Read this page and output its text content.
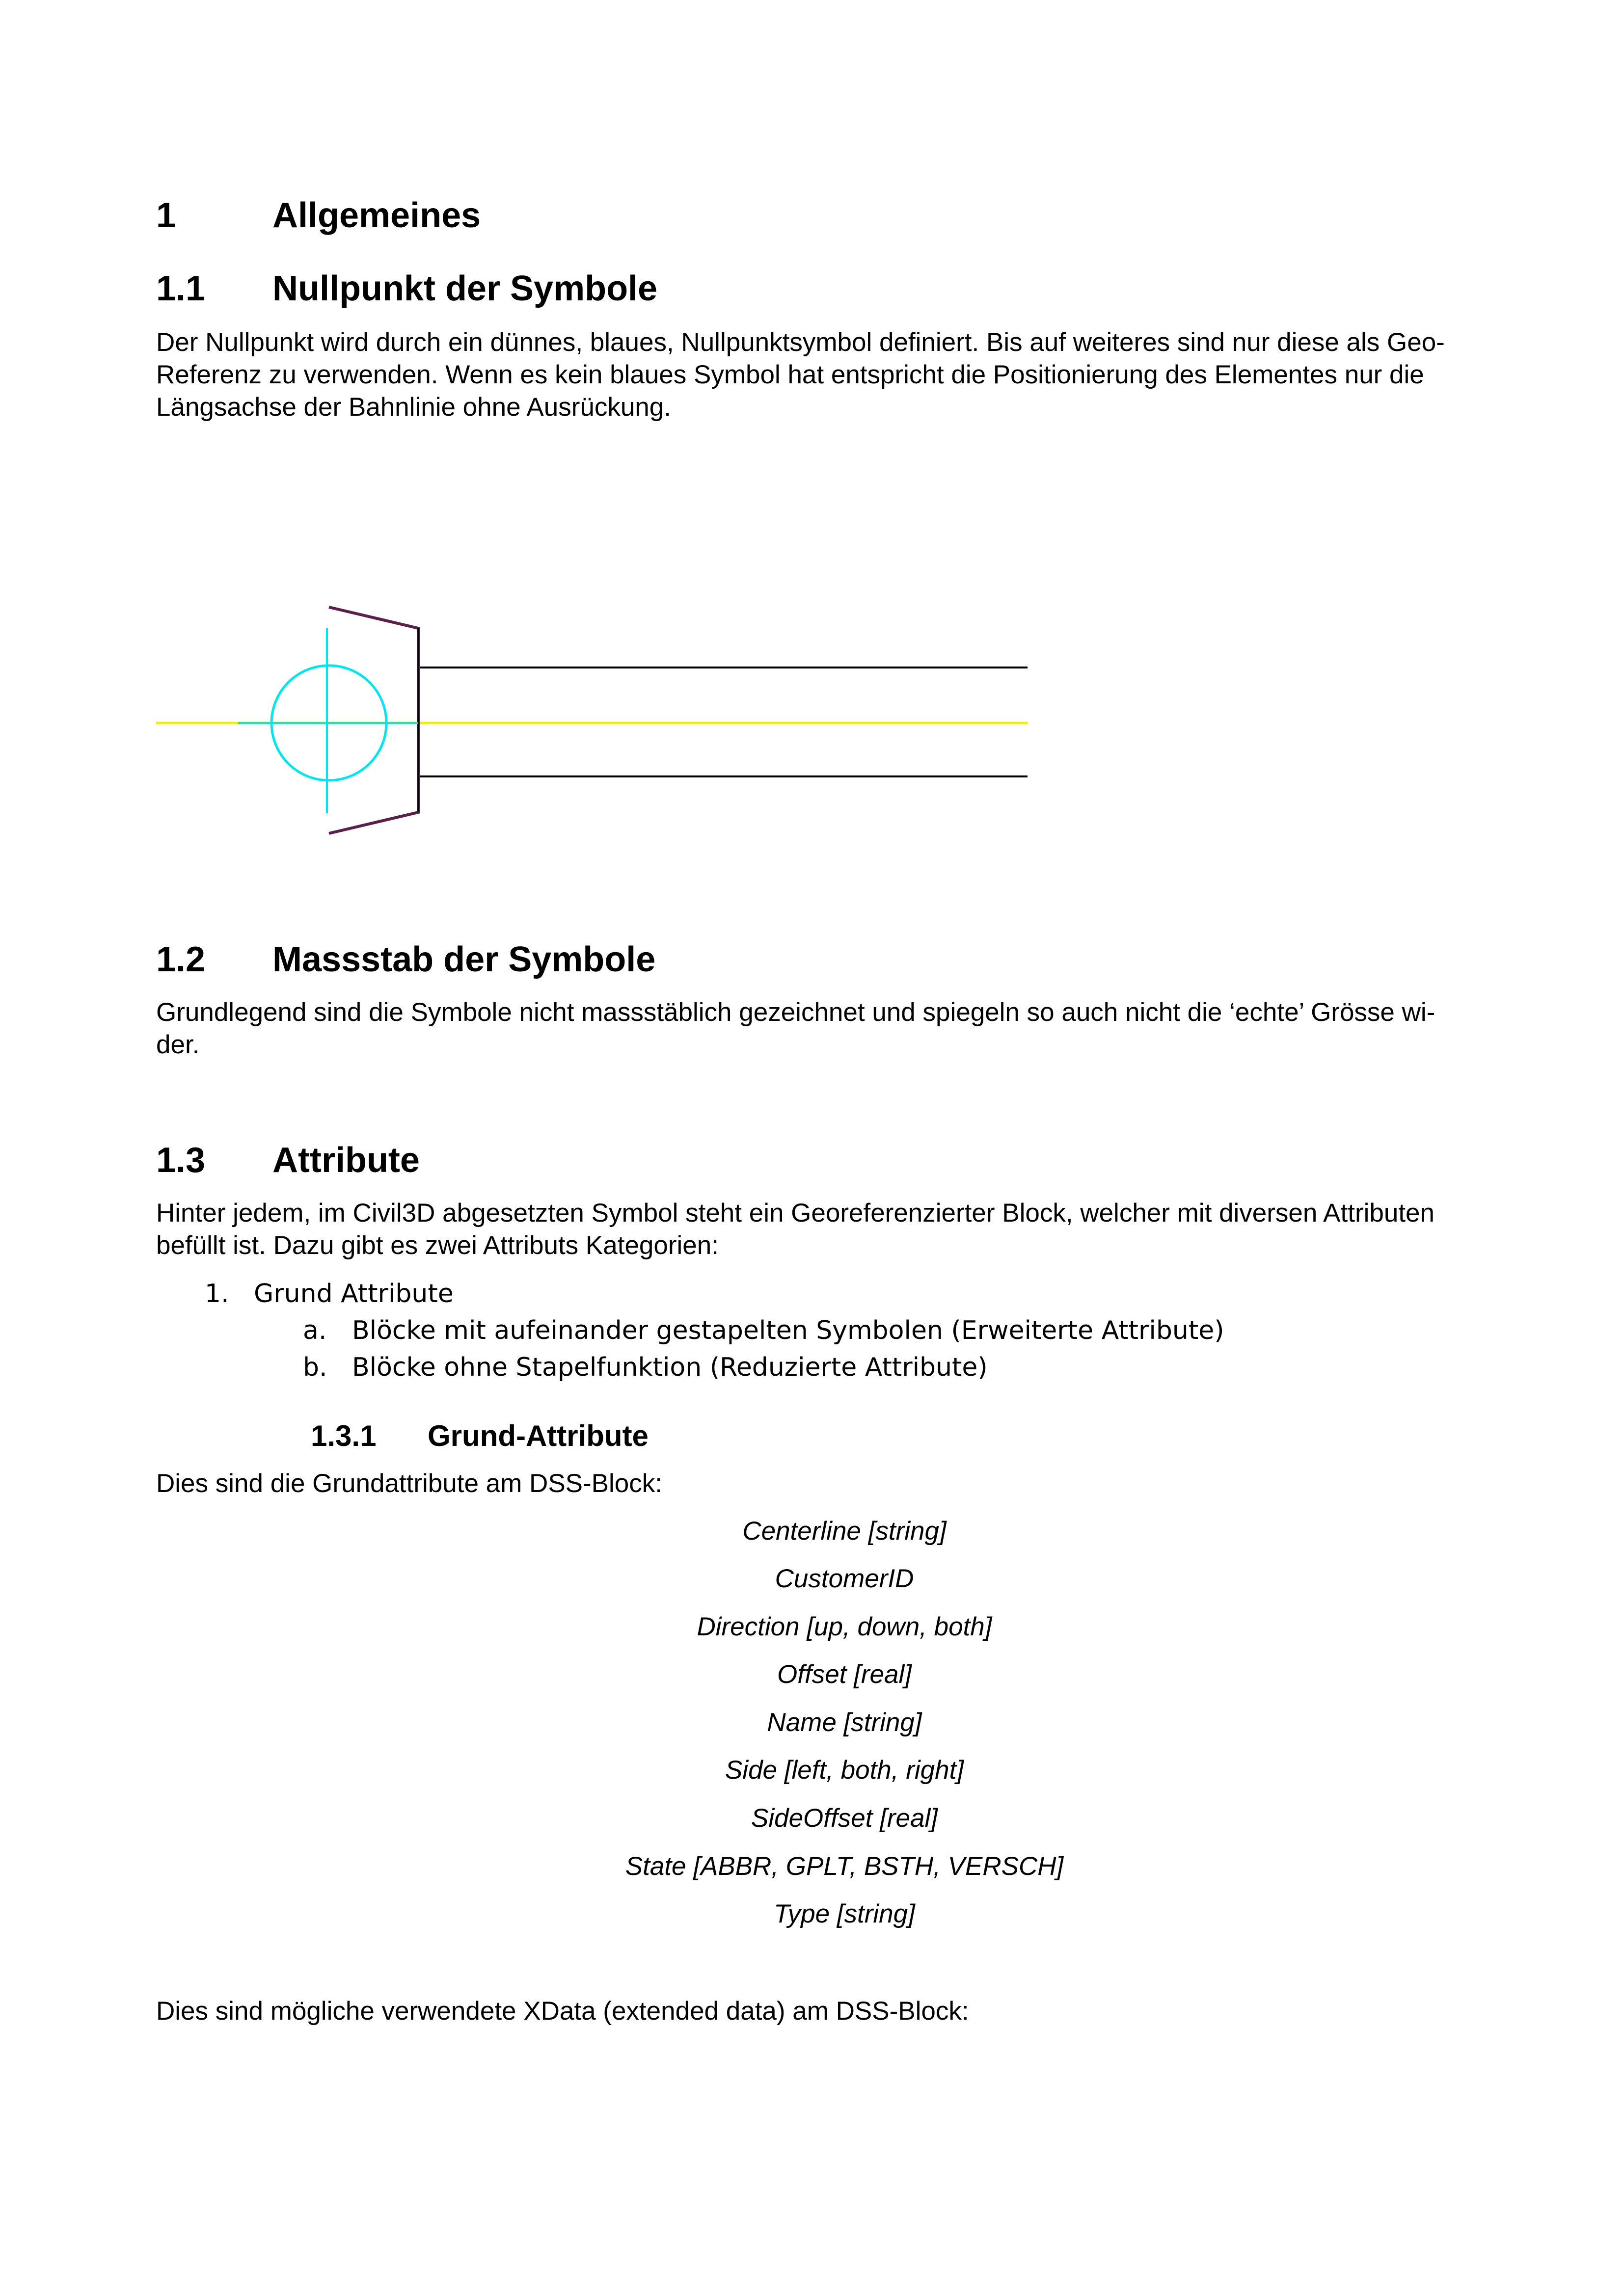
1	Allgemeines
1.1 Nullpunkt der Symbole
Der Nullpunkt wird durch ein dünnes, blaues, Nullpunktsymbol definiert. Bis auf weiteres sind nur diese als Geo-
Referenz zu verwenden. Wenn es kein blaues Symbol hat entspricht die Positionierung des Elementes nur die
Längsachse der Bahnlinie ohne Ausrückung.
1.2 Massstab der Symbole
Grundlegend sind die Symbole nicht massstäblich gezeichnet und spiegeln so auch nicht die ‘echte’ Grösse wi-
der.
1.3 Attribute
Hinter jedem, im Civil3D abgesetzten Symbol steht ein Georeferenzierter Block, welcher mit diversen Attributen
befüllt ist. Dazu gibt es zwei Attributs Kategorien:
1. Grund Attribute
a. Blöcke mit aufeinander gestapelten Symbolen (Erweiterte Attribute)
b. Blöcke ohne Stapelfunktion (Reduzierte Attribute)
1.3.1 Grund-Attribute
Dies sind die Grundattribute am DSS-Block:
Centerline [string]
CustomerID
Direction [up, down, both]
Offset [real]
Name [string]
Side [left, both, right]
SideOffset [real]
State [ABBR, GPLT, BSTH, VERSCH]
Type [string]
Dies sind mögliche verwendete XData (extended data) am DSS-Block:
